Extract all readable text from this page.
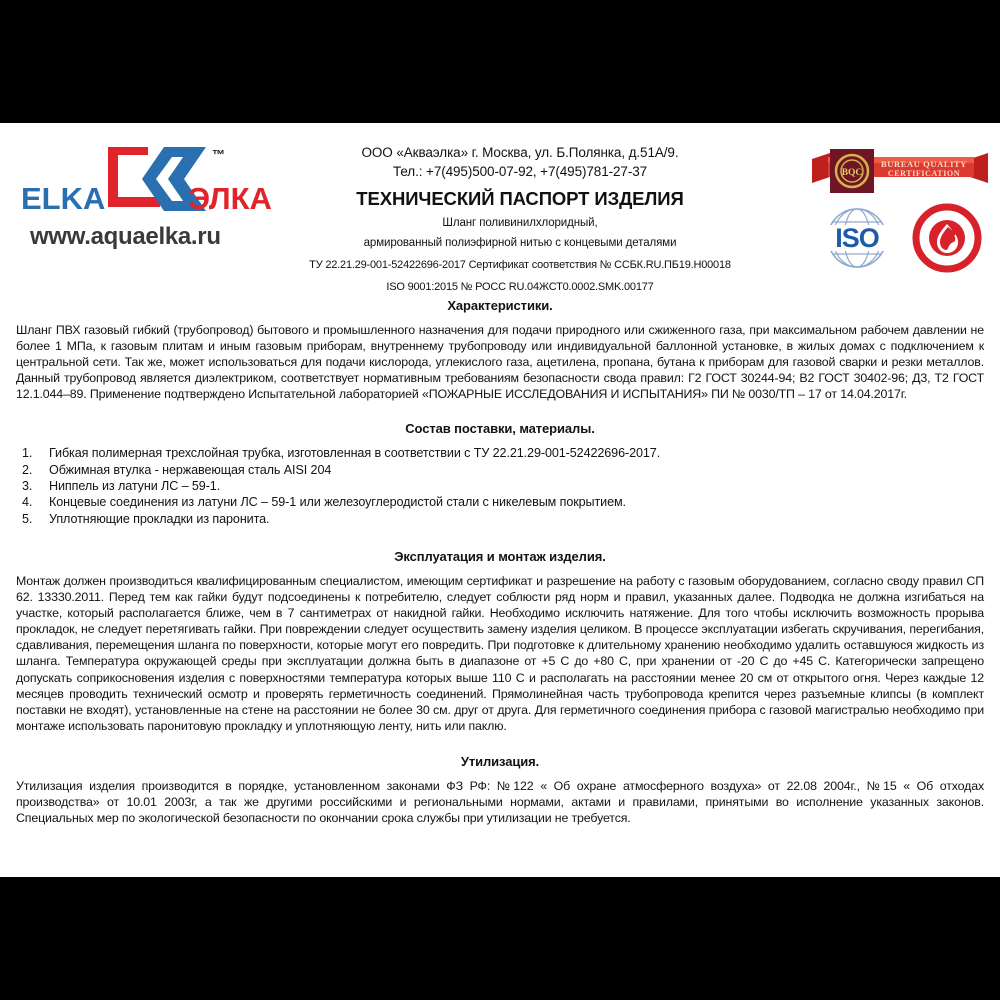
™
ELKA	ЭЛКА
www.aquaelka.ru
ООО «Акваэлка» г. Москва, ул. Б.Полянка, д.51А/9.
Тел.: +7(495)500-07-92, +7(495)781-27-37
ТЕХНИЧЕСКИЙ ПАСПОРТ ИЗДЕЛИЯ
Шланг поливинилхлоридный,
армированный полиэфирной нитью с концевыми деталями
ТУ 22.21.29-001-52422696-2017 Сертификат соответствия № ССБК.RU.ПБ19.Н00018
ISO 9001:2015 № РОСС RU.04ЖСТ0.0002.SMK.00177
BQC
BUREAU QUALITY
CERTIFICATION
ISO
Характеристики.

Шланг ПВХ газовый гибкий (трубопровод) бытового и промышленного назначения для подачи природного или сжиженного газа, при максимальном рабочем давлении не более 1 МПа, к газовым плитам и иным газовым приборам, внутреннему трубопроводу или индивидуальной баллонной установке, в жилых домах с подключением к центральной сети. Так же, может использоваться для подачи кислорода, углекислого газа, ацетилена, пропана, бутана к приборам для газовой сварки и резки металлов. Данный трубопровод является диэлектриком, соответствует нормативным требованиям безопасности свода правил: Г2 ГОСТ 30244-94; В2 ГОСТ 30402-96; Д3, Т2 ГОСТ 12.1.044–89. Применение подтверждено Испытательной лабораторией «ПОЖАРНЫЕ ИССЛЕДОВАНИЯ И ИСПЫТАНИЯ» ПИ № 0030/ТП – 17 от 14.04.2017г.

Состав поставки, материалы.
1. Гибкая полимерная трехслойная трубка, изготовленная в соответствии с ТУ 22.21.29-001-52422696-2017.
2. Обжимная втулка - нержавеющая сталь AISI 204
3. Ниппель из латуни ЛС – 59-1.
4. Концевые соединения из латуни ЛС – 59-1 или железоуглеродистой стали с никелевым покрытием.
5. Уплотняющие прокладки из паронита.
Эксплуатация и монтаж изделия.

Монтаж должен производиться квалифицированным специалистом, имеющим сертификат и разрешение на работу с газовым оборудованием, согласно своду правил СП 62. 13330.2011. Перед тем как гайки будут подсоединены к потребителю, следует соблюсти ряд норм и правил, указанных далее. Подводка не должна изгибаться на участке, который располагается ближе, чем в 7 сантиметрах от накидной гайки. Необходимо исключить натяжение. Для того чтобы исключить возможность прорыва прокладок, не следует перетягивать гайки. При повреждении следует осуществить замену изделия целиком. В процессе эксплуатации избегать скручивания, перегибания, сдавливания, перемещения шланга по поверхности, которые могут его повредить. При подготовке к длительному хранению необходимо удалить оставшуюся жидкость из шланга. Температура окружающей среды при эксплуатации должна быть в диапазоне от +5 С до +80 С, при хранении от -20 С до +45 С. Категорически запрещено допускать соприкосновения изделия с поверхностями температура которых выше 110 С и располагать на расстоянии менее 20 см от открытого огня. Через каждые 12 месяцев проводить технический осмотр и проверять герметичность соединений. Прямолинейная часть трубопровода крепится через разъемные клипсы (в комплект поставки не входят), установленные на стене на расстоянии не более 30 см. друг от друга. Для герметичного соединения прибора с газовой магистралью необходимо при монтаже использовать паронитовую прокладку и уплотняющую ленту, нить или паклю.

Утилизация.

Утилизация изделия производится в порядке, установленном законами ФЗ РФ: №122 « Об охране атмосферного воздуха» от 22.08 2004г., №15 « Об отходах производства» от 10.01 2003г, а так же другими российскими и региональными нормами, актами и правилами, принятыми во исполнение указанных законов. Специальных мер по экологической безопасности по окончании срока службы при утилизации не требуется.
